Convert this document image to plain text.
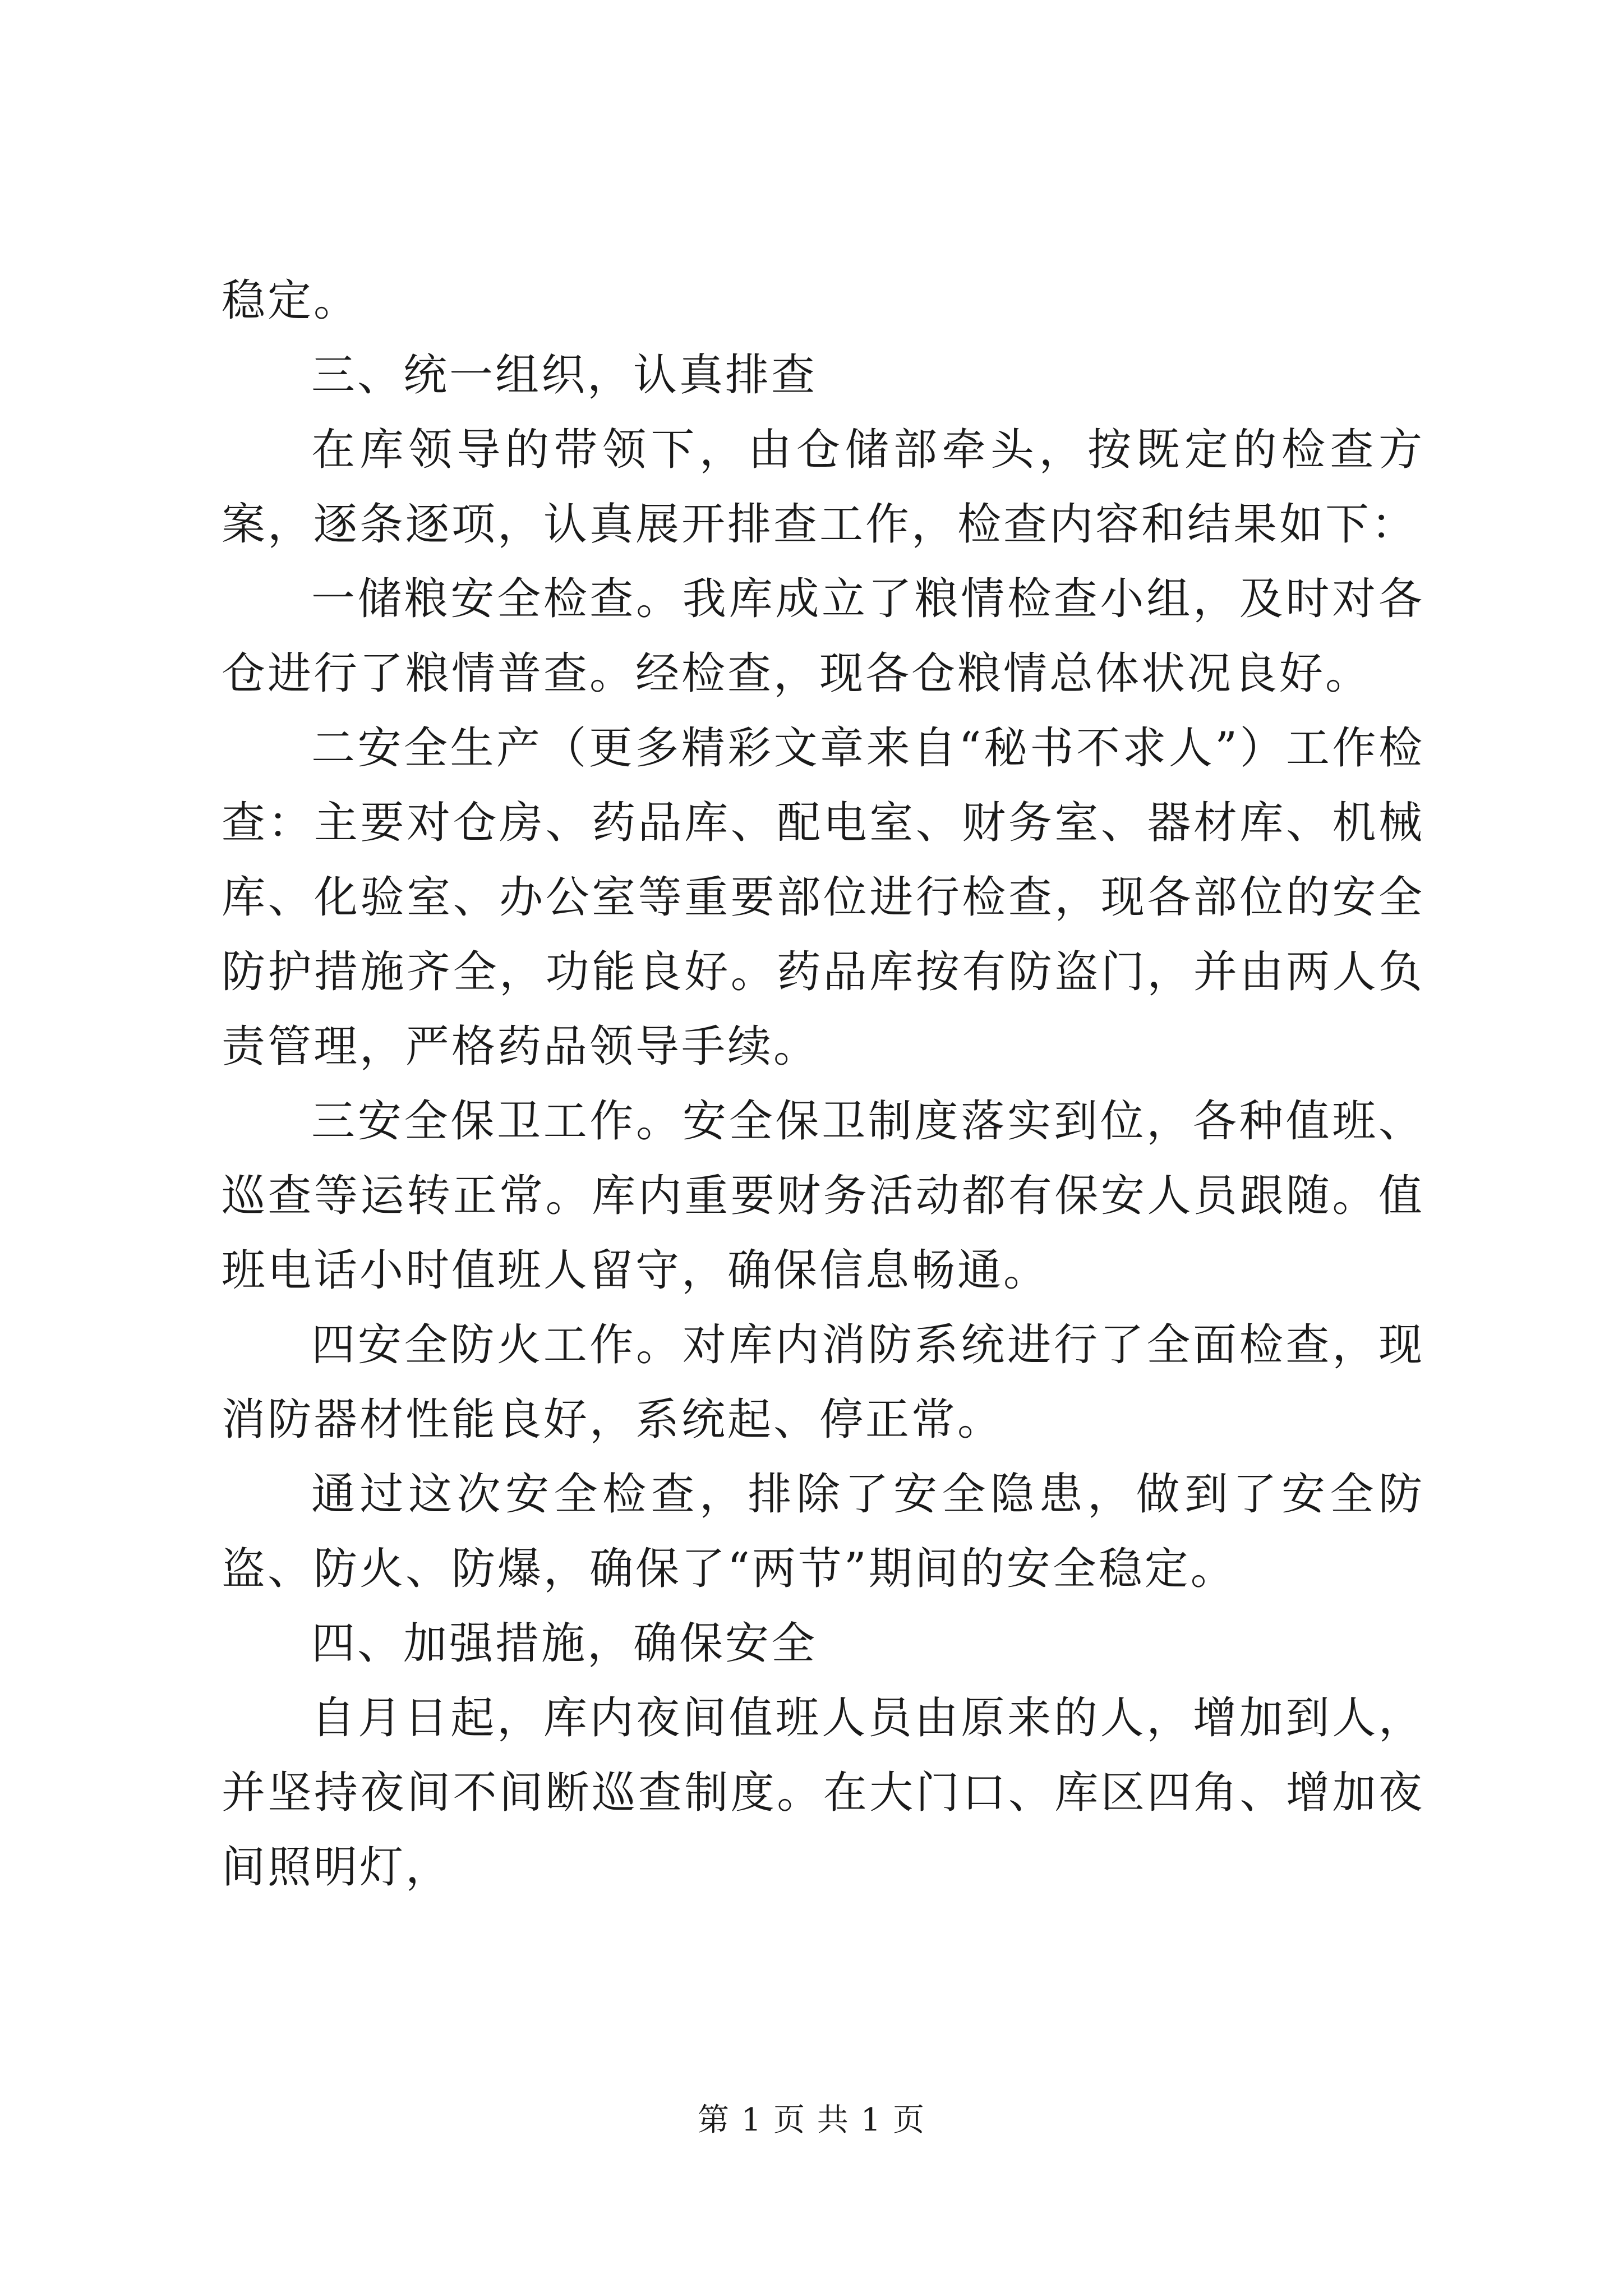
稳定。

三、统一组织，认真排查

在库领导的带领下，由仓储部牵头，按既定的检查方案，逐条逐项，认真展开排查工作，检查内容和结果如下：

一储粮安全检查。我库成立了粮情检查小组，及时对各仓进行了粮情普查。经检查，现各仓粮情总体状况良好。

二安全生产（更多精彩文章来自“秘书不求人”）工作检查：主要对仓房、药品库、配电室、财务室、器材库、机械库、化验室、办公室等重要部位进行检查，现各部位的安全防护措施齐全，功能良好。药品库按有防盗门，并由两人负责管理，严格药品领导手续。

三安全保卫工作。安全保卫制度落实到位，各种值班、巡查等运转正常。库内重要财务活动都有保安人员跟随。值班电话小时值班人留守，确保信息畅通。

四安全防火工作。对库内消防系统进行了全面检查，现消防器材性能良好，系统起、停正常。

通过这次安全检查，排除了安全隐患，做到了安全防盗、防火、防爆，确保了“两节”期间的安全稳定。

四、加强措施，确保安全

自月日起，库内夜间值班人员由原来的人，增加到人，并坚持夜间不间断巡查制度。在大门口、库区四角、增加夜间照明灯，

第 1 页 共 1 页
